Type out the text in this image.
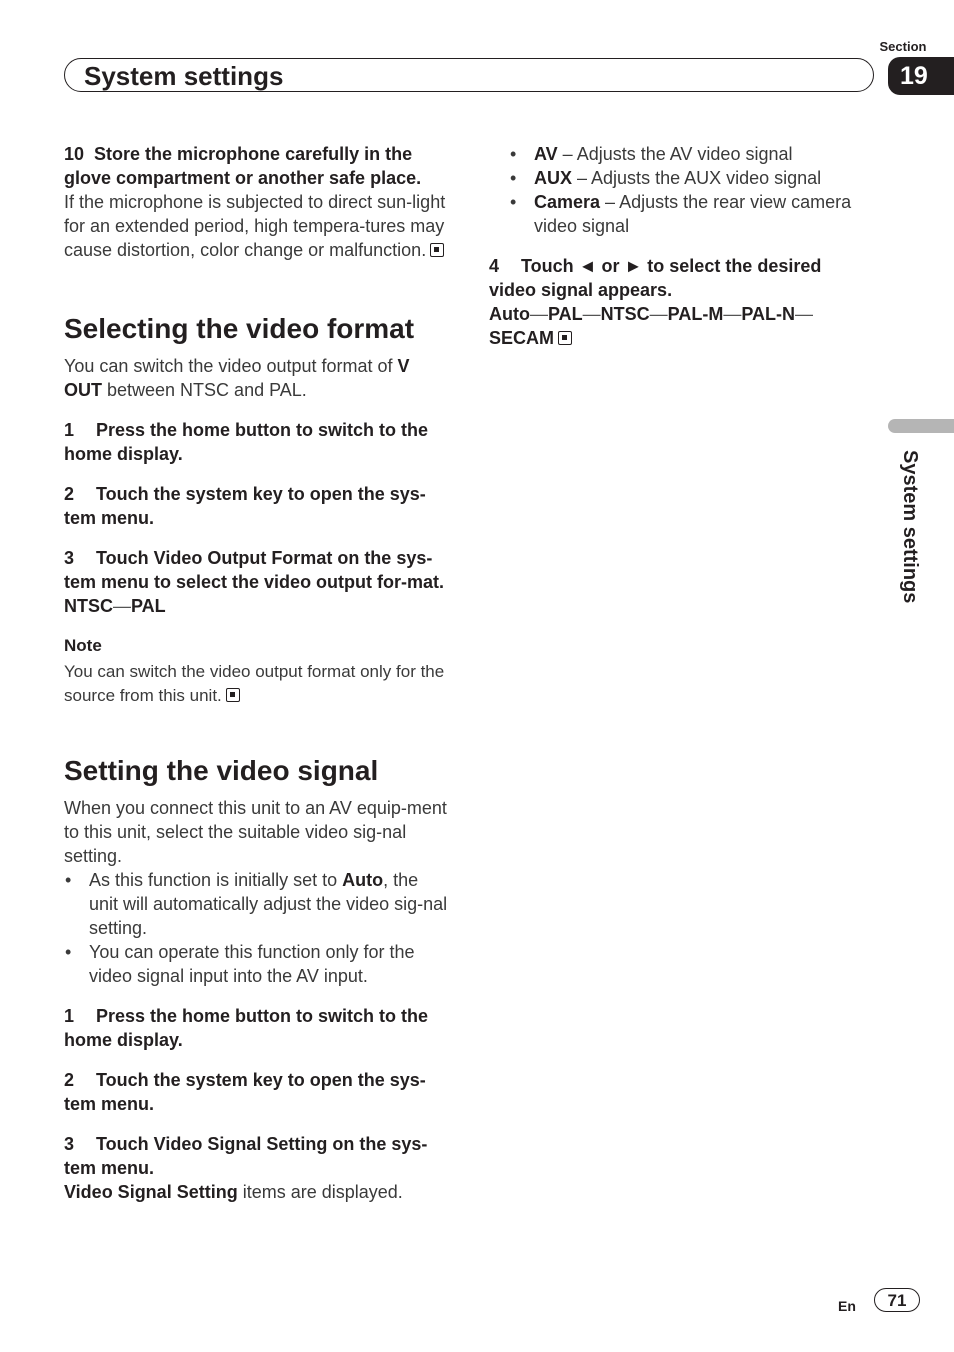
Section
19
System settings
System settings

10 Store the microphone carefully in the glove compartment or another safe place.

If the microphone is subjected to direct sun-light for an extended period, high tempera-tures may cause distortion, color change or malfunction.

Selecting the video format

You can switch the video output format of V OUT between NTSC and PAL.

1 Press the home button to switch to the home display.

2 Touch the system key to open the sys-tem menu.

3 Touch Video Output Format on the sys-tem menu to select the video output for-mat.

NTSC—PAL

Note

You can switch the video output format only for the source from this unit.

Setting the video signal

When you connect this unit to an AV equip-ment to this unit, select the suitable video sig-nal setting.

• As this function is initially set to Auto, the unit will automatically adjust the video sig-nal setting.
• You can operate this function only for the video signal input into the AV input.

1 Press the home button to switch to the home display.

2 Touch the system key to open the sys-tem menu.

3 Touch Video Signal Setting on the sys-tem menu.

Video Signal Setting items are displayed.

• AV – Adjusts the AV video signal
• AUX – Adjusts the AUX video signal
• Camera – Adjusts the rear view camera video signal

4 Touch ◄ or ► to select the desired video signal appears.

Auto—PAL—NTSC—PAL-M—PAL-N—
SECAM

En	71
